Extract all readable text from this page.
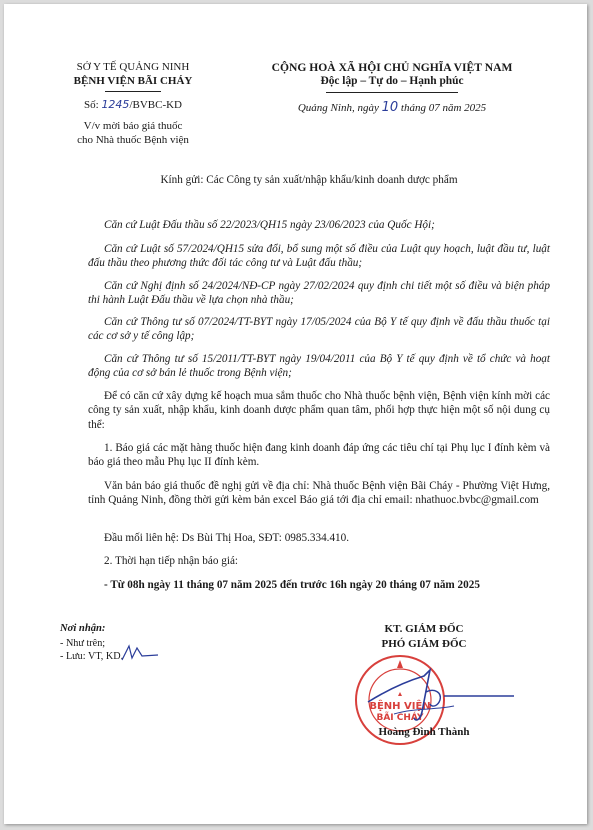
SỞ Y TẾ QUẢNG NINH
BỆNH VIỆN BÃI CHÁY
Số: 1245/BVBC-KD
V/v mời báo giá thuốc
cho Nhà thuốc Bệnh viện
CỘNG HOÀ XÃ HỘI CHỦ NGHĨA VIỆT NAM
Độc lập – Tự do – Hạnh phúc
Quảng Ninh, ngày 10 tháng 07 năm 2025
Kính gửi: Các Công ty sản xuất/nhập khẩu/kinh doanh dược phẩm
Căn cứ Luật Đấu thầu số 22/2023/QH15 ngày 23/06/2023 của Quốc Hội;
Căn cứ Luật số 57/2024/QH15 sửa đổi, bổ sung một số điều của Luật quy hoạch, luật đầu tư, luật đấu thầu theo phương thức đối tác công tư và Luật đấu thầu;
Căn cứ Nghị định số 24/2024/NĐ-CP ngày 27/02/2024 quy định chi tiết một số điều và biện pháp thi hành Luật Đấu thầu về lựa chọn nhà thầu;
Căn cứ Thông tư số 07/2024/TT-BYT ngày 17/05/2024 của Bộ Y tế quy định về đấu thầu thuốc tại các cơ sở y tế công lập;
Căn cứ Thông tư số 15/2011/TT-BYT ngày 19/04/2011 của Bộ Y tế quy định về tổ chức và hoạt động của cơ sở bán lẻ thuốc trong Bệnh viện;
Để có căn cứ xây dựng kế hoạch mua sắm thuốc cho Nhà thuốc bệnh viện, Bệnh viện kính mời các công ty sản xuất, nhập khẩu, kinh doanh dược phẩm quan tâm, phối hợp thực hiện một số nội dung cụ thể:
1. Báo giá các mặt hàng thuốc hiện đang kinh doanh đáp ứng các tiêu chí tại Phụ lục I đính kèm và báo giá theo mẫu Phụ lục II đính kèm.
Văn bản báo giá thuốc đề nghị gửi về địa chỉ: Nhà thuốc Bệnh viện Bãi Cháy - Phường Việt Hưng, tỉnh Quảng Ninh, đồng thời gửi kèm bản excel Báo giá tới địa chỉ email: nhathuoc.bvbc@gmail.com
Đầu mối liên hệ: Ds Bùi Thị Hoa, SĐT: 0985.334.410.
2. Thời hạn tiếp nhận báo giá:
- Từ 08h ngày 11 tháng 07 năm 2025 đến trước 16h ngày 20 tháng 07 năm 2025
Nơi nhận:
- Như trên;
- Lưu: VT, KD.
KT. GIÁM ĐỐC
PHÓ GIÁM ĐỐC
BỆNH VIỆN
BÃI CHÁY
Hoàng Đình Thành
